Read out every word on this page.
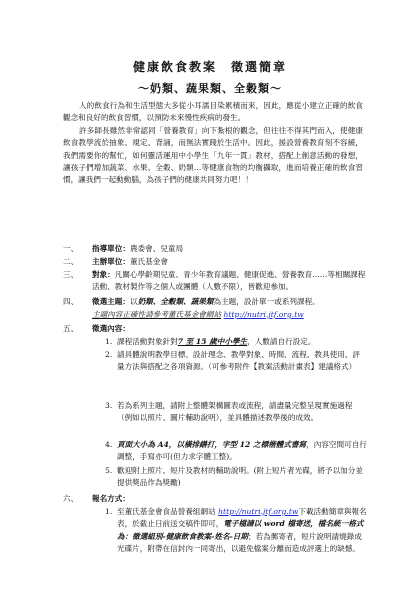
健康飲食教案　徵選簡章
〜奶類、蔬果類、全穀類〜

人的飲食行為和生活型態大多從小耳濡目染累積而來，因此，應從小建立正確的飲食觀念和良好的飲食習慣，以預防未來慢性疾病的發生。

許多師長雖然非常認同「營養教育」向下紮根的觀念，但往往不得其門而入，使健康飲食教學流於抽象、規定、背誦，而無法實踐於生活中。因此，援設營養教育刻不容緩，我們需要你的幫忙，如何靈活運用中小學生「九年一貫」教材，搭配上創意活動的發想，讓孩子們增加蔬菜、水果、全穀、奶類…等健康食物的均衡攝取，進而培養正確的飲食習慣，讓我們一起動動腦，為孩子們的健康共同努力吧！！

一、	指導單位：農委會、兒童局
二、	主辦單位：董氏基金會
三、	對象：凡關心學齡期兒童、青少年教育議題、健康促進、營養教育……等相關課程活動、教材製作等之個人或團體（人數不限），皆歡迎參加。
四、	徵選主題：以奶類、全穀類、蔬果類為主題，設計單一或系列課程。
主題內容正確性請參考董氏基金會網站 http://nutri.jtf.org.tw
五、	徵選內容：
1. 課程活動對象針對7 至 15 歲中小學生，人數請自行設定。
2. 請具體說明教學目標、設計理念、教學對象、時間、流程、教具使用、評量方法與搭配之各項資源。（可參考附件【教案活動計畫表】建議格式）
3. 若為系列主題，請附上整體架構圖表或流程，請盡量完整呈現實施過程（例如以照片、圖片輔助說明），並具體描述教學後的成效。
4. 頁面大小為 A4，以橫排繕打，字型 12 之標楷體式書寫，內容空間可自行調整，手寫亦可(但力求字體工整)。
5. 歡迎附上照片、短片及教材的輔助說明。(附上短片者光碟，將予以加分並提供獎品作為獎勵)
六、	報名方式：
1. 至董氏基金會食品營養組網站 http://nutri.jtf.org.tw下載活動簡章與報名表，於截止日前送交稿件即可，電子檔請以 word 檔寄送，檔名統一格式為：徵選組別-健康飲食教案-姓名-日期；若為郵寄者，短片說明請燒錄成光碟片，附帶在信封內一同寄出，以避免檔案分離而造成評選上的缺憾。
